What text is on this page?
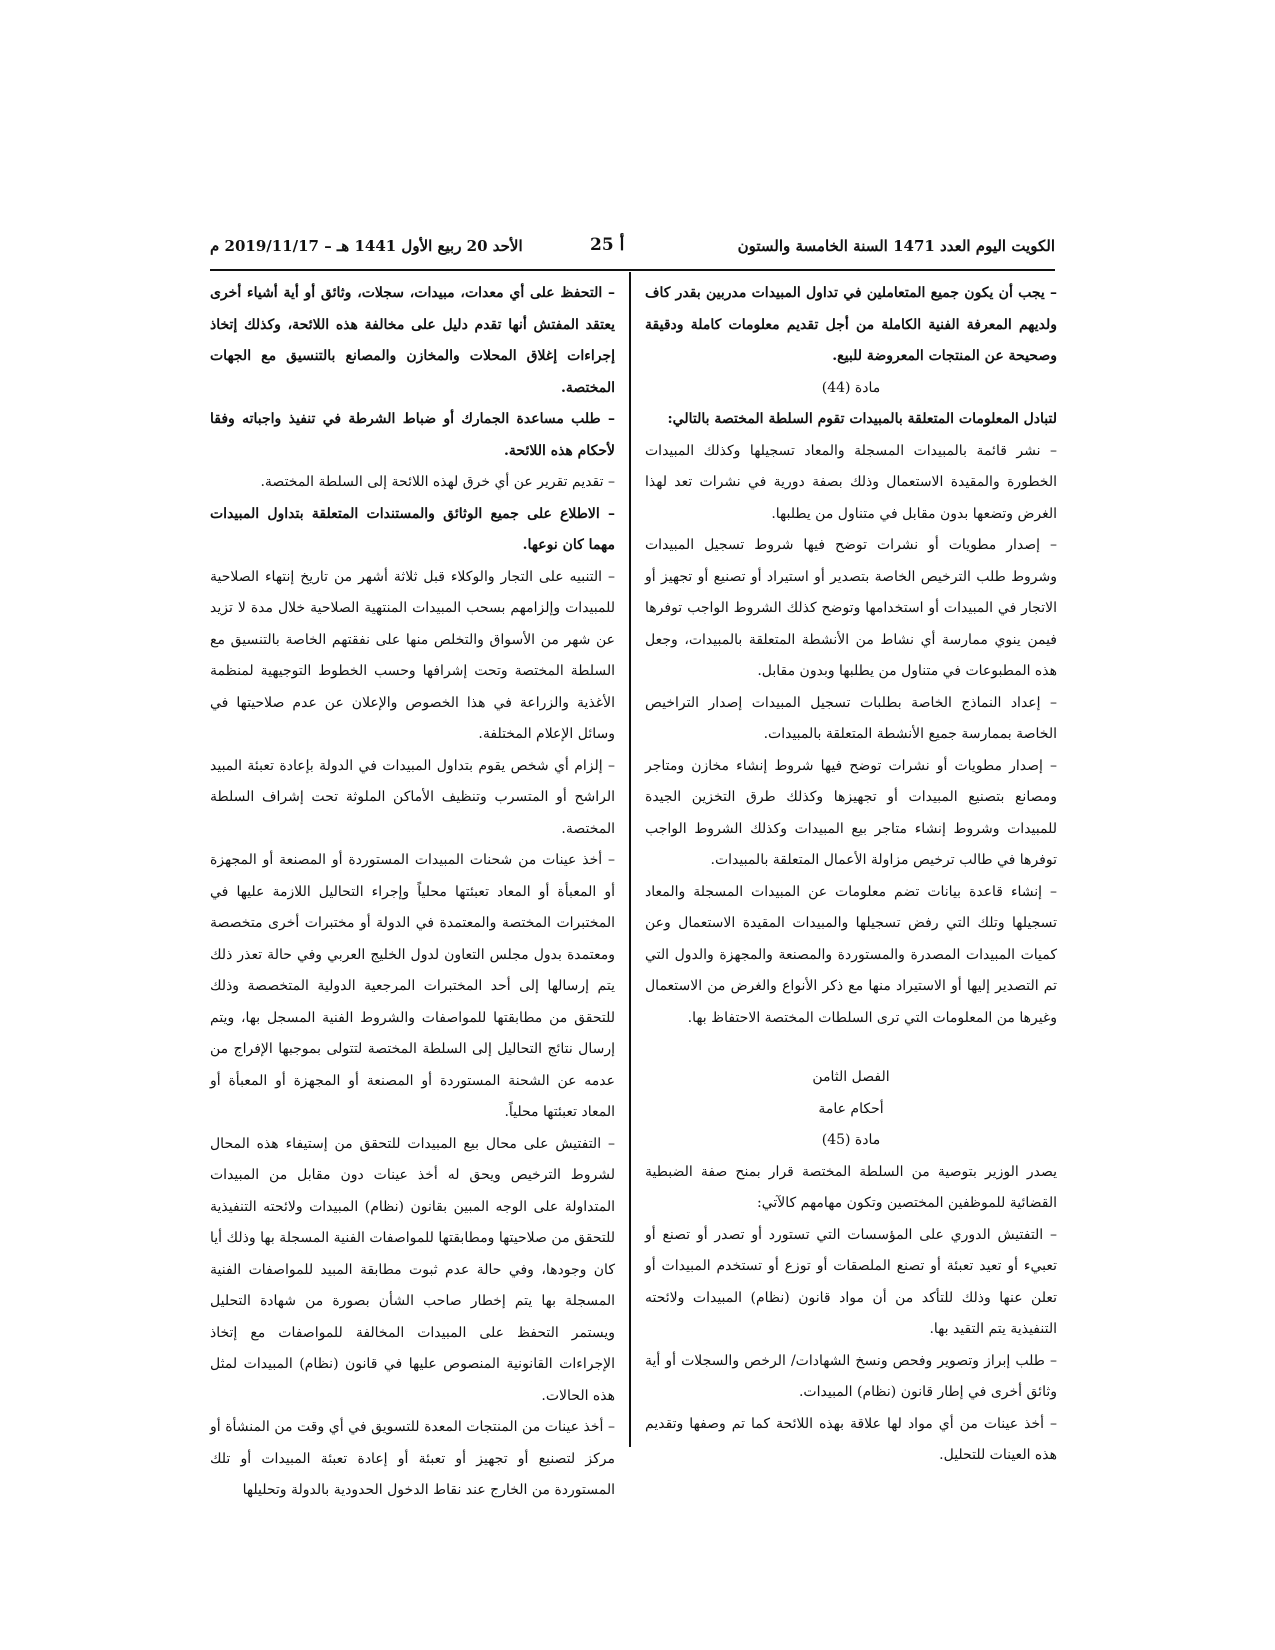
الكويت اليوم العدد 1471 السنة الخامسة والستون
أ 25
الأحد 20 ربيع الأول 1441 هـ – 2019/11/17 م

– يجب أن يكون جميع المتعاملين في تداول المبيدات مدربين بقدر كاف ولديهم المعرفة الفنية الكاملة من أجل تقديم معلومات كاملة ودقيقة وصحيحة عن المنتجات المعروضة للبيع.

مادة (44)

لتبادل المعلومات المتعلقة بالمبيدات تقوم السلطة المختصة بالتالي:

– نشر قائمة بالمبيدات المسجلة والمعاد تسجيلها وكذلك المبيدات الخطورة والمقيدة الاستعمال وذلك بصفة دورية في نشرات تعد لهذا الغرض وتضعها بدون مقابل في متناول من يطلبها.

– إصدار مطويات أو نشرات توضح فيها شروط تسجيل المبيدات وشروط طلب الترخيص الخاصة بتصدير أو استيراد أو تصنيع أو تجهيز أو الاتجار في المبيدات أو استخدامها وتوضح كذلك الشروط الواجب توفرها فيمن ينوي ممارسة أي نشاط من الأنشطة المتعلقة بالمبيدات، وجعل هذه المطبوعات في متناول من يطلبها وبدون مقابل.

– إعداد النماذج الخاصة بطلبات تسجيل المبيدات إصدار التراخيص الخاصة بممارسة جميع الأنشطة المتعلقة بالمبيدات.

– إصدار مطويات أو نشرات توضح فيها شروط إنشاء مخازن ومتاجر ومصانع بتصنيع المبيدات أو تجهيزها وكذلك طرق التخزين الجيدة للمبيدات وشروط إنشاء متاجر بيع المبيدات وكذلك الشروط الواجب توفرها في طالب ترخيص مزاولة الأعمال المتعلقة بالمبيدات.

– إنشاء قاعدة بيانات تضم معلومات عن المبيدات المسجلة والمعاد تسجيلها وتلك التي رفض تسجيلها والمبيدات المقيدة الاستعمال وعن كميات المبيدات المصدرة والمستوردة والمصنعة والمجهزة والدول التي تم التصدير إليها أو الاستيراد منها مع ذكر الأنواع والغرض من الاستعمال وغيرها من المعلومات التي ترى السلطات المختصة الاحتفاظ بها.

الفصل الثامن

أحكام عامة

مادة (45)

يصدر الوزير بتوصية من السلطة المختصة قرار بمنح صفة الضبطية القضائية للموظفين المختصين وتكون مهامهم كالآتي:

– التفتيش الدوري على المؤسسات التي تستورد أو تصدر أو تصنع أو تعبيء أو تعيد تعبئة أو تصنع الملصقات أو توزع أو تستخدم المبيدات أو تعلن عنها وذلك للتأكد من أن مواد قانون (نظام) المبيدات ولائحته التنفيذية يتم التقيد بها.

– طلب إبراز وتصوير وفحص ونسخ الشهادات/ الرخص والسجلات أو أية وثائق أخرى في إطار قانون (نظام) المبيدات.

– أخذ عينات من أي مواد لها علاقة بهذه اللائحة كما تم وصفها وتقديم هذه العينات للتحليل.

– التحفظ على أي معدات، مبيدات، سجلات، وثائق أو أية أشياء أخرى يعتقد المفتش أنها تقدم دليل على مخالفة هذه اللائحة، وكذلك إتخاذ إجراءات إغلاق المحلات والمخازن والمصانع بالتنسيق مع الجهات المختصة.

– طلب مساعدة الجمارك أو ضباط الشرطة في تنفيذ واجباته وفقا لأحكام هذه اللائحة.

– تقديم تقرير عن أي خرق لهذه اللائحة إلى السلطة المختصة.

– الاطلاع على جميع الوثائق والمستندات المتعلقة بتداول المبيدات مهما كان نوعها.

– التنبيه على التجار والوكلاء قبل ثلاثة أشهر من تاريخ إنتهاء الصلاحية للمبيدات وإلزامهم بسحب المبيدات المنتهية الصلاحية خلال مدة لا تزيد عن شهر من الأسواق والتخلص منها على نفقتهم الخاصة بالتنسيق مع السلطة المختصة وتحت إشرافها وحسب الخطوط التوجيهية لمنظمة الأغذية والزراعة في هذا الخصوص والإعلان عن عدم صلاحيتها في وسائل الإعلام المختلفة.

– إلزام أي شخص يقوم بتداول المبيدات في الدولة بإعادة تعبئة المبيد الراشح أو المتسرب وتنظيف الأماكن الملوثة تحت إشراف السلطة المختصة.

– أخذ عينات من شحنات المبيدات المستوردة أو المصنعة أو المجهزة أو المعبأة أو المعاد تعبئتها محلياً وإجراء التحاليل اللازمة عليها في المختبرات المختصة والمعتمدة في الدولة أو مختبرات أخرى متخصصة ومعتمدة بدول مجلس التعاون لدول الخليج العربي وفي حالة تعذر ذلك يتم إرسالها إلى أحد المختبرات المرجعية الدولية المتخصصة وذلك للتحقق من مطابقتها للمواصفات والشروط الفنية المسجل بها، ويتم إرسال نتائج التحاليل إلى السلطة المختصة لتتولى بموجبها الإفراج من عدمه عن الشحنة المستوردة أو المصنعة أو المجهزة أو المعبأة أو المعاد تعبئتها محلياً.

– التفتيش على محال بيع المبيدات للتحقق من إستيفاء هذه المحال لشروط الترخيص ويحق له أخذ عينات دون مقابل من المبيدات المتداولة على الوجه المبين بقانون (نظام) المبيدات ولائحته التنفيذية للتحقق من صلاحيتها ومطابقتها للمواصفات الفنية المسجلة بها وذلك أيا كان وجودها، وفي حالة عدم ثبوت مطابقة المبيد للمواصفات الفنية المسجلة بها يتم إخطار صاحب الشأن بصورة من شهادة التحليل ويستمر التحفظ على المبيدات المخالفة للمواصفات مع إتخاذ الإجراءات القانونية المنصوص عليها في قانون (نظام) المبيدات لمثل هذه الحالات.

– أخذ عينات من المنتجات المعدة للتسويق في أي وقت من المنشأة أو مركز لتصنيع أو تجهيز أو تعبئة أو إعادة تعبئة المبيدات أو تلك المستوردة من الخارج عند نقاط الدخول الحدودية بالدولة وتحليلها
